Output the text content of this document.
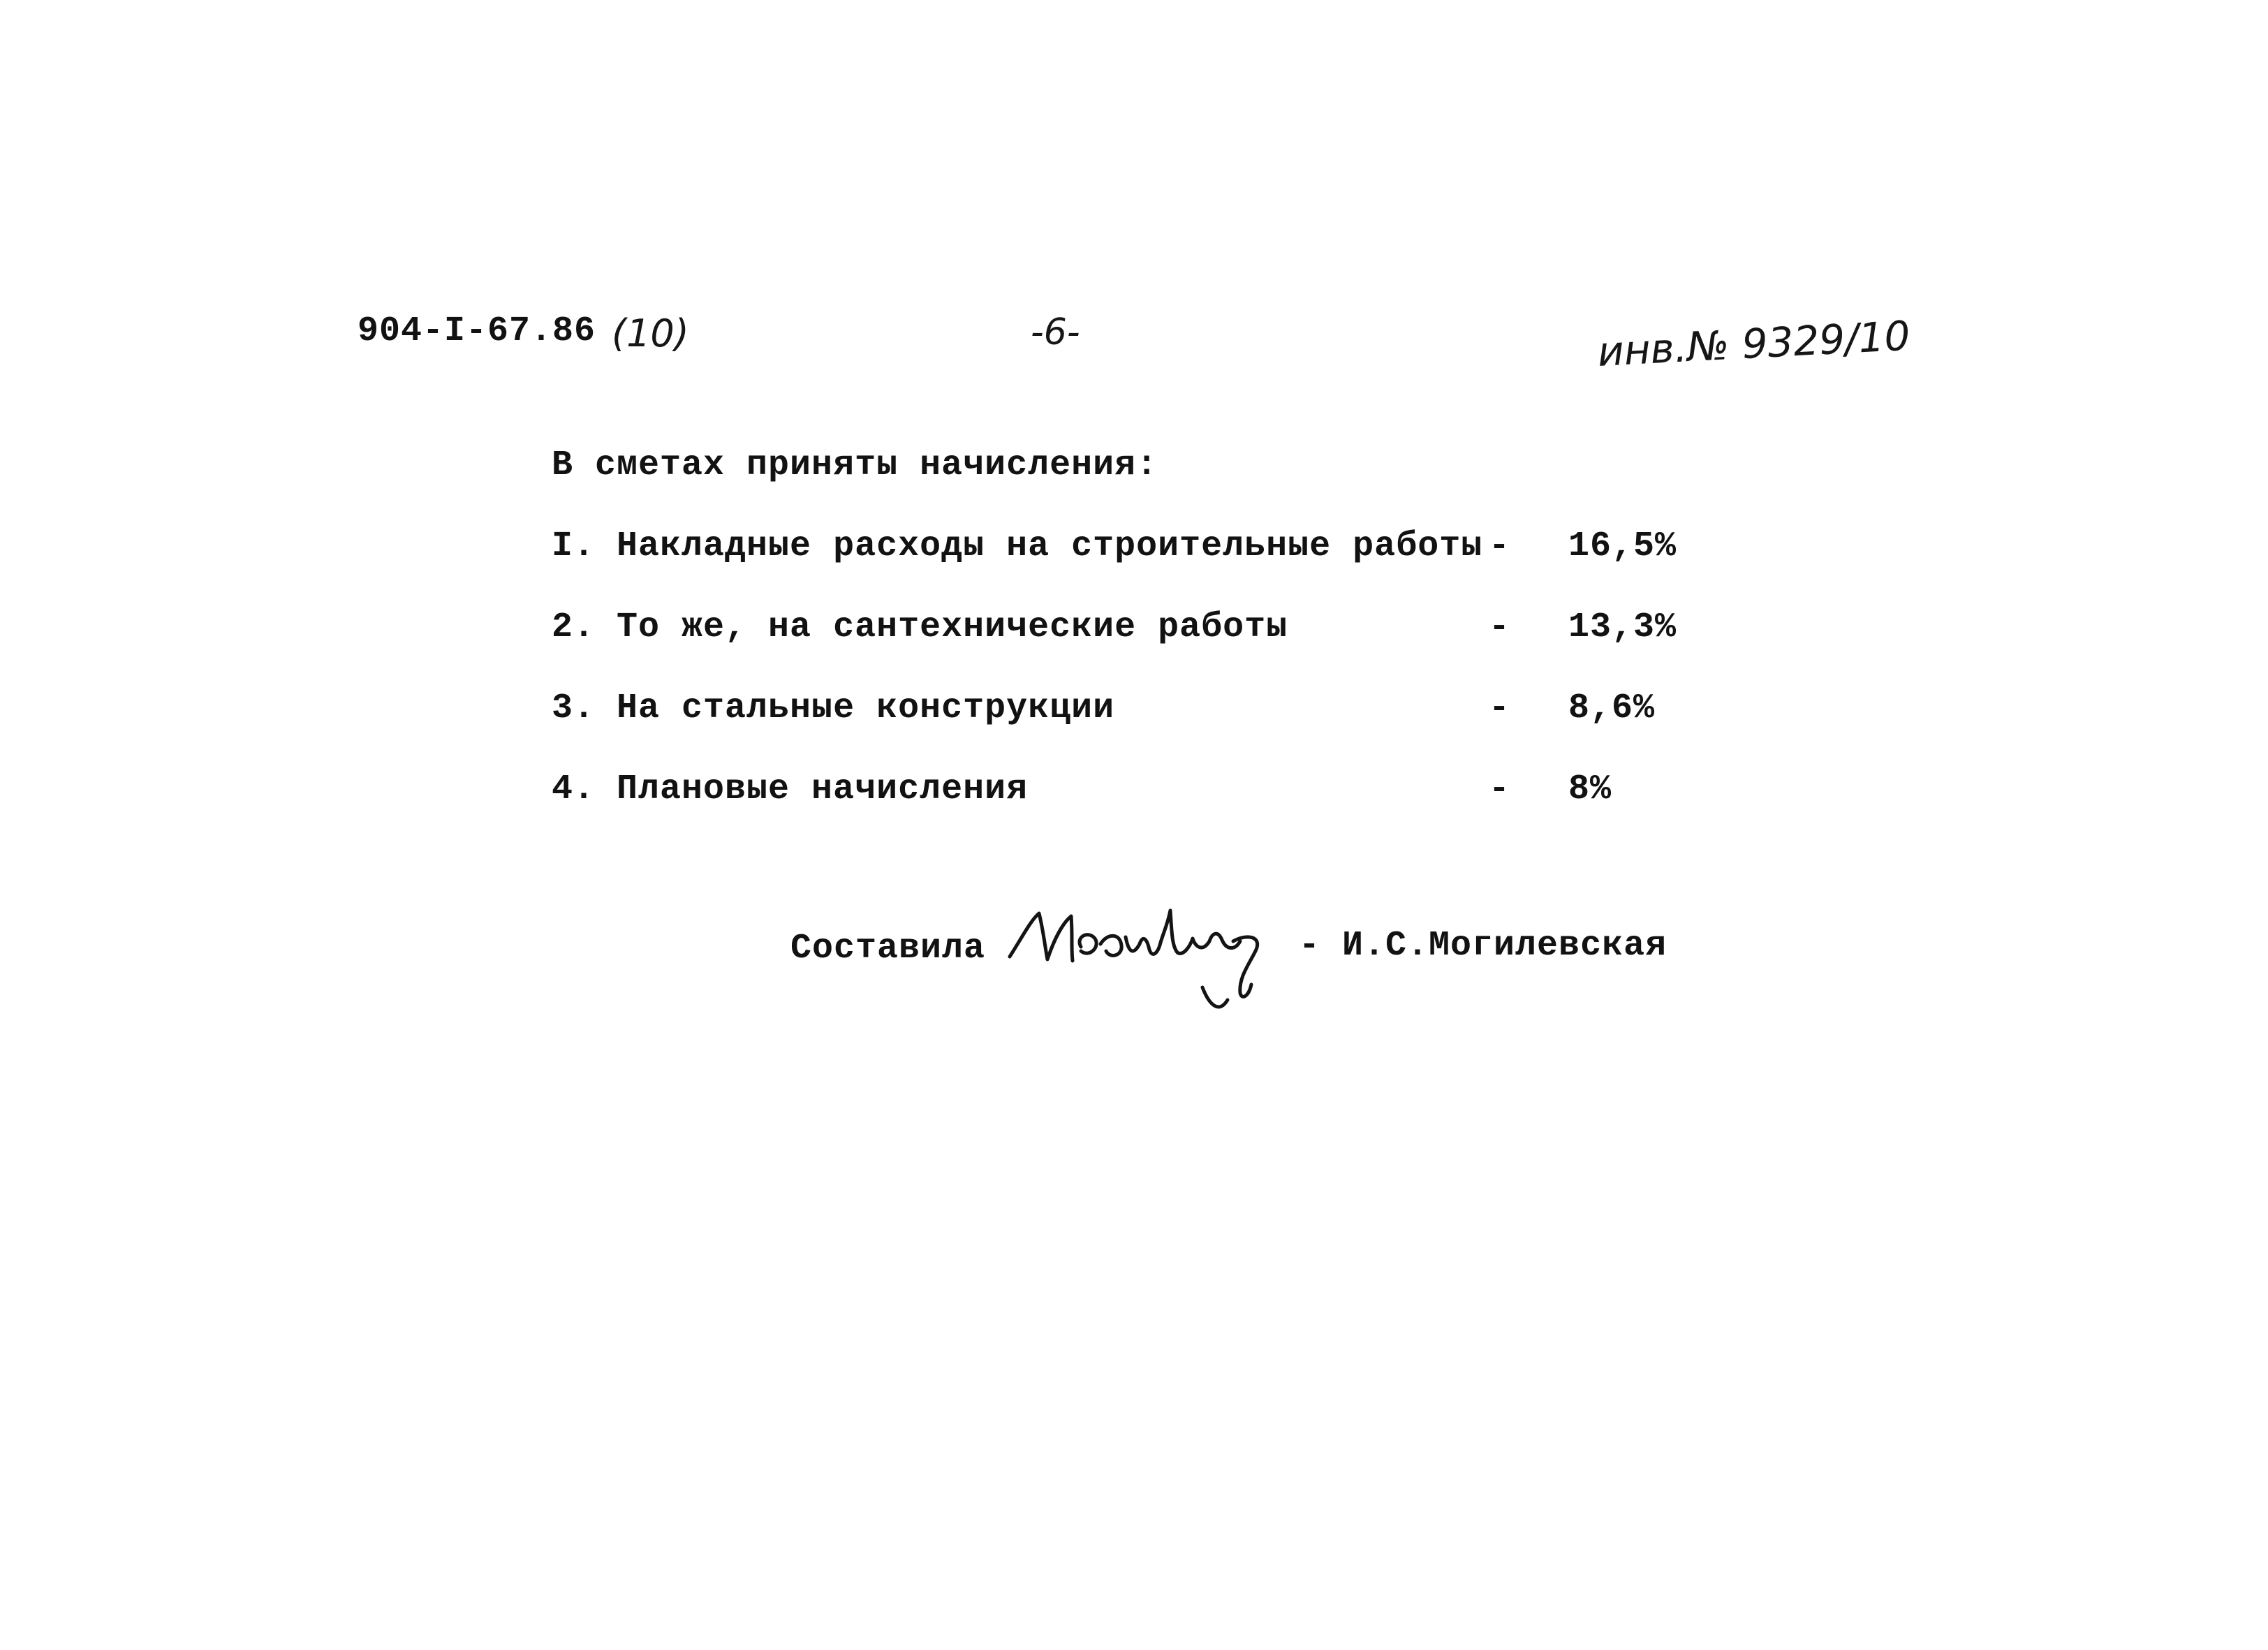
904-I-67.86 (10)	-6-	инв.№ 9329/10
В сметах приняты начисления:
I. Накладные расходы на строительные работы - 16,5%
2. То же, на сантехнические работы	- 13,3%
3. На стальные конструкции	- 8,6%
4. Плановые начисления	- 8%
Составила	- И.С.Могилевская
